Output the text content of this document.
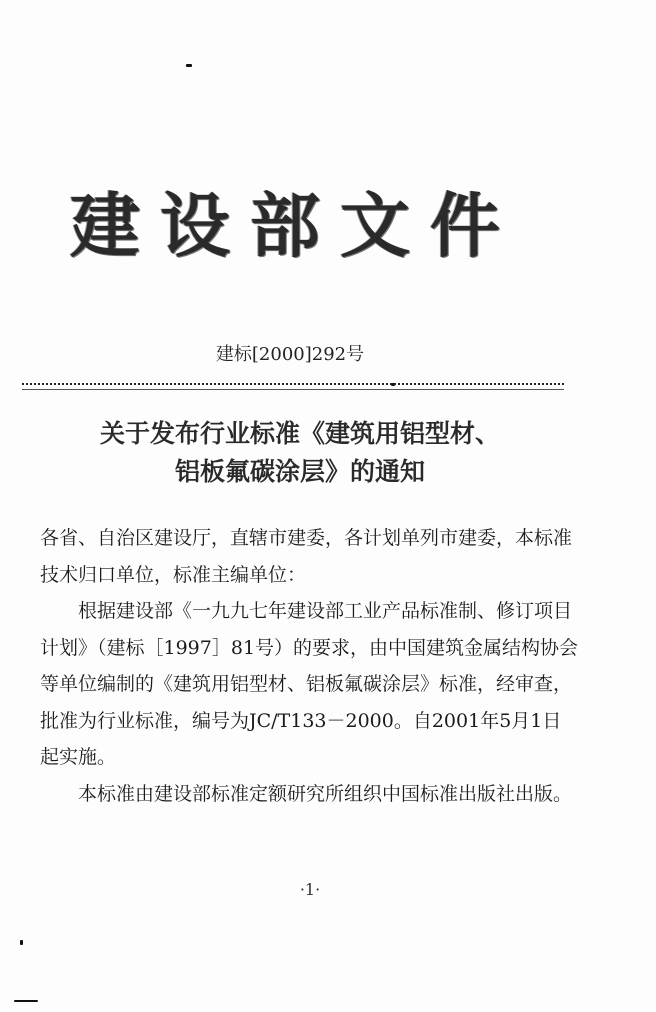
建设部文件
建标[2000]292号
关于发布行业标准《建筑用铝型材、
铝板氟碳涂层》的通知

各省、自治区建设厅，直辖市建委，各计划单列市建委，本标准技术归口单位，标准主编单位：

根据建设部《一九九七年建设部工业产品标准制、修订项目计划》（建标［1997］81号）的要求，由中国建筑金属结构协会等单位编制的《建筑用铝型材、铝板氟碳涂层》标准，经审查，批准为行业标准，编号为JC/T133－2000。自2001年5月1日起实施。

本标准由建设部标准定额研究所组织中国标准出版社出版。

·1·
